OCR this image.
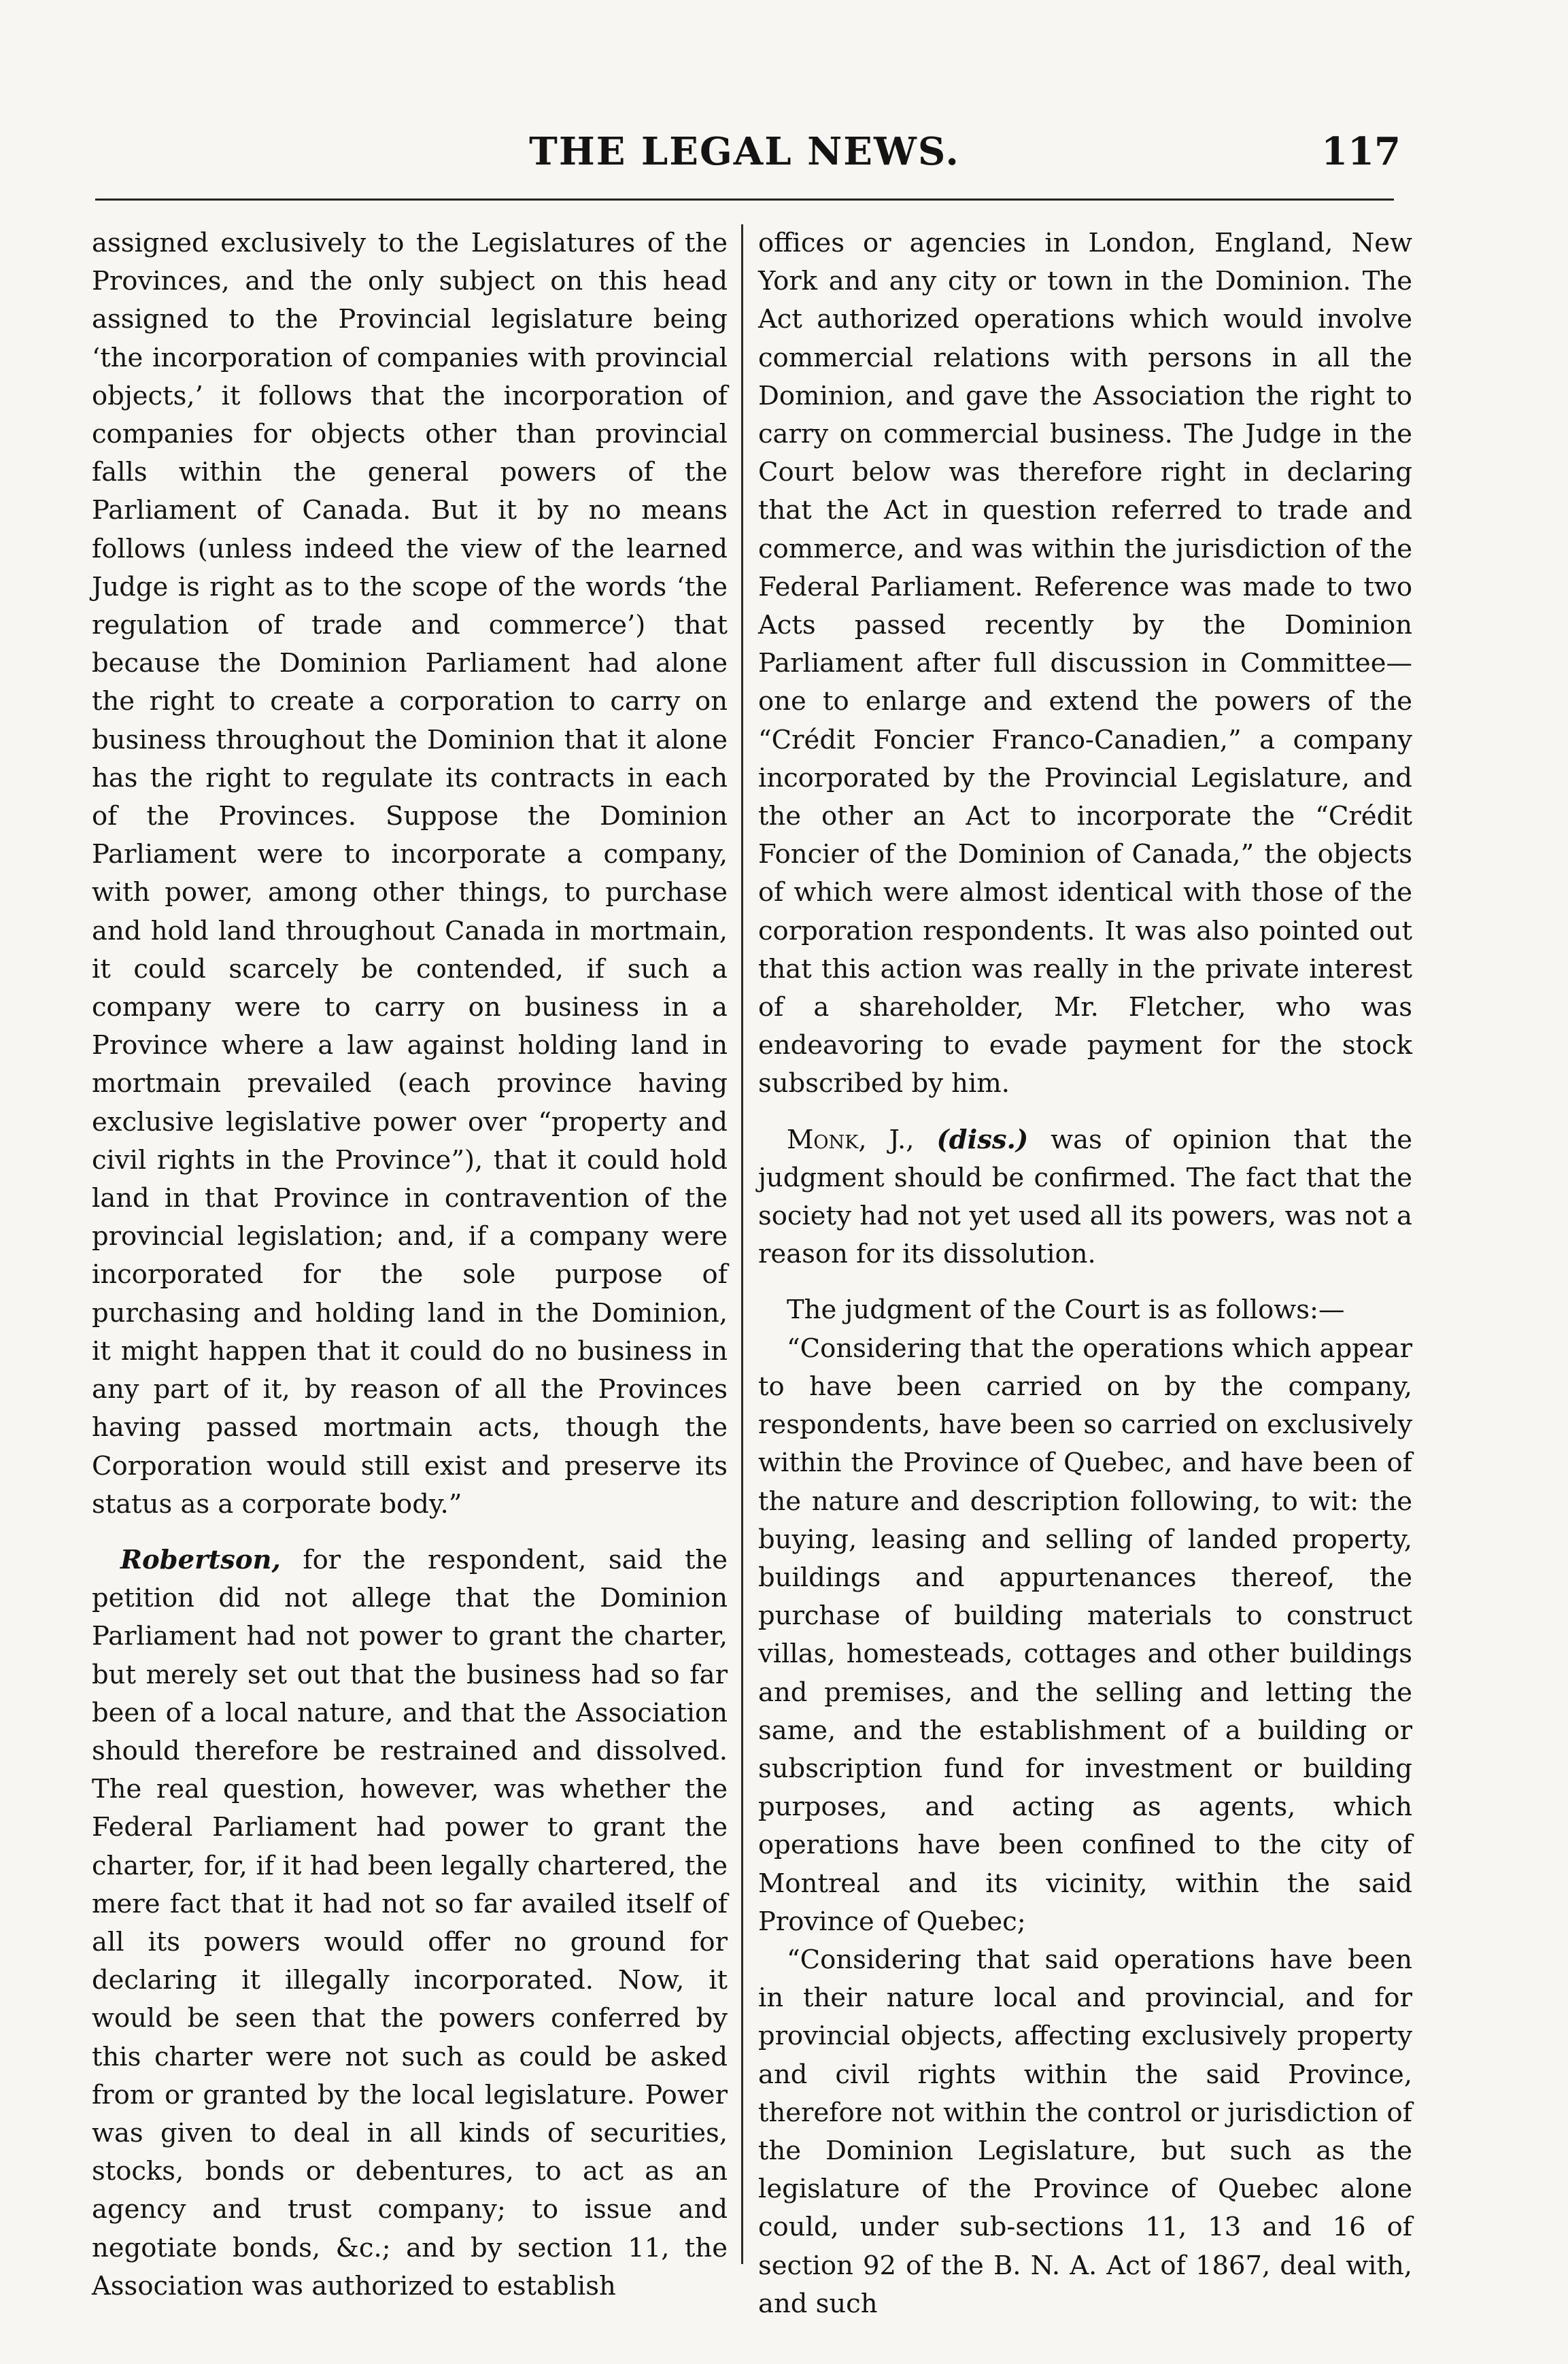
THE LEGAL NEWS.	117

assigned exclusively to the Legislatures of the Provinces, and the only subject on this head assigned to the Provincial legislature being ‘the incorporation of companies with provincial objects,’ it follows that the incorporation of companies for objects other than provincial falls within the general powers of the Parliament of Canada. But it by no means follows (unless indeed the view of the learned Judge is right as to the scope of the words ‘the regulation of trade and commerce’) that because the Dominion Parliament had alone the right to create a corporation to carry on business throughout the Dominion that it alone has the right to regulate its contracts in each of the Provinces. Suppose the Dominion Parliament were to incorporate a company, with power, among other things, to purchase and hold land throughout Canada in mortmain, it could scarcely be contended, if such a company were to carry on business in a Province where a law against holding land in mortmain prevailed (each province having exclusive legislative power over “property and civil rights in the Province”), that it could hold land in that Province in contravention of the provincial legislation; and, if a company were incorporated for the sole purpose of purchasing and holding land in the Dominion, it might happen that it could do no business in any part of it, by reason of all the Provinces having passed mortmain acts, though the Corporation would still exist and preserve its status as a corporate body.”

Robertson, for the respondent, said the petition did not allege that the Dominion Parliament had not power to grant the charter, but merely set out that the business had so far been of a local nature, and that the Association should therefore be restrained and dissolved. The real question, however, was whether the Federal Parliament had power to grant the charter, for, if it had been legally chartered, the mere fact that it had not so far availed itself of all its powers would offer no ground for declaring it illegally incorporated. Now, it would be seen that the powers conferred by this charter were not such as could be asked from or granted by the local legislature. Power was given to deal in all kinds of securities, stocks, bonds or debentures, to act as an agency and trust company; to issue and negotiate bonds, &c.; and by section 11, the Association was authorized to establish

offices or agencies in London, England, New York and any city or town in the Dominion. The Act authorized operations which would involve commercial relations with persons in all the Dominion, and gave the Association the right to carry on commercial business. The Judge in the Court below was therefore right in declaring that the Act in question referred to trade and commerce, and was within the jurisdiction of the Federal Parliament. Reference was made to two Acts passed recently by the Dominion Parliament after full discussion in Committee—one to enlarge and extend the powers of the “Crédit Foncier Franco-Canadien,” a company incorporated by the Provincial Legislature, and the other an Act to incorporate the “Crédit Foncier of the Dominion of Canada,” the objects of which were almost identical with those of the corporation respondents. It was also pointed out that this action was really in the private interest of a shareholder, Mr. Fletcher, who was endeavoring to evade payment for the stock subscribed by him.

Monk, J., (diss.) was of opinion that the judgment should be confirmed. The fact that the society had not yet used all its powers, was not a reason for its dissolution.

The judgment of the Court is as follows:—

“Considering that the operations which appear to have been carried on by the company, respondents, have been so carried on exclusively within the Province of Quebec, and have been of the nature and description following, to wit: the buying, leasing and selling of landed property, buildings and appurtenances thereof, the purchase of building materials to construct villas, homesteads, cottages and other buildings and premises, and the selling and letting the same, and the establishment of a building or subscription fund for investment or building purposes, and acting as agents, which operations have been confined to the city of Montreal and its vicinity, within the said Province of Quebec;

“Considering that said operations have been in their nature local and provincial, and for provincial objects, affecting exclusively property and civil rights within the said Province, therefore not within the control or jurisdiction of the Dominion Legislature, but such as the legislature of the Province of Quebec alone could, under sub-sections 11, 13 and 16 of section 92 of the B. N. A. Act of 1867, deal with, and such
